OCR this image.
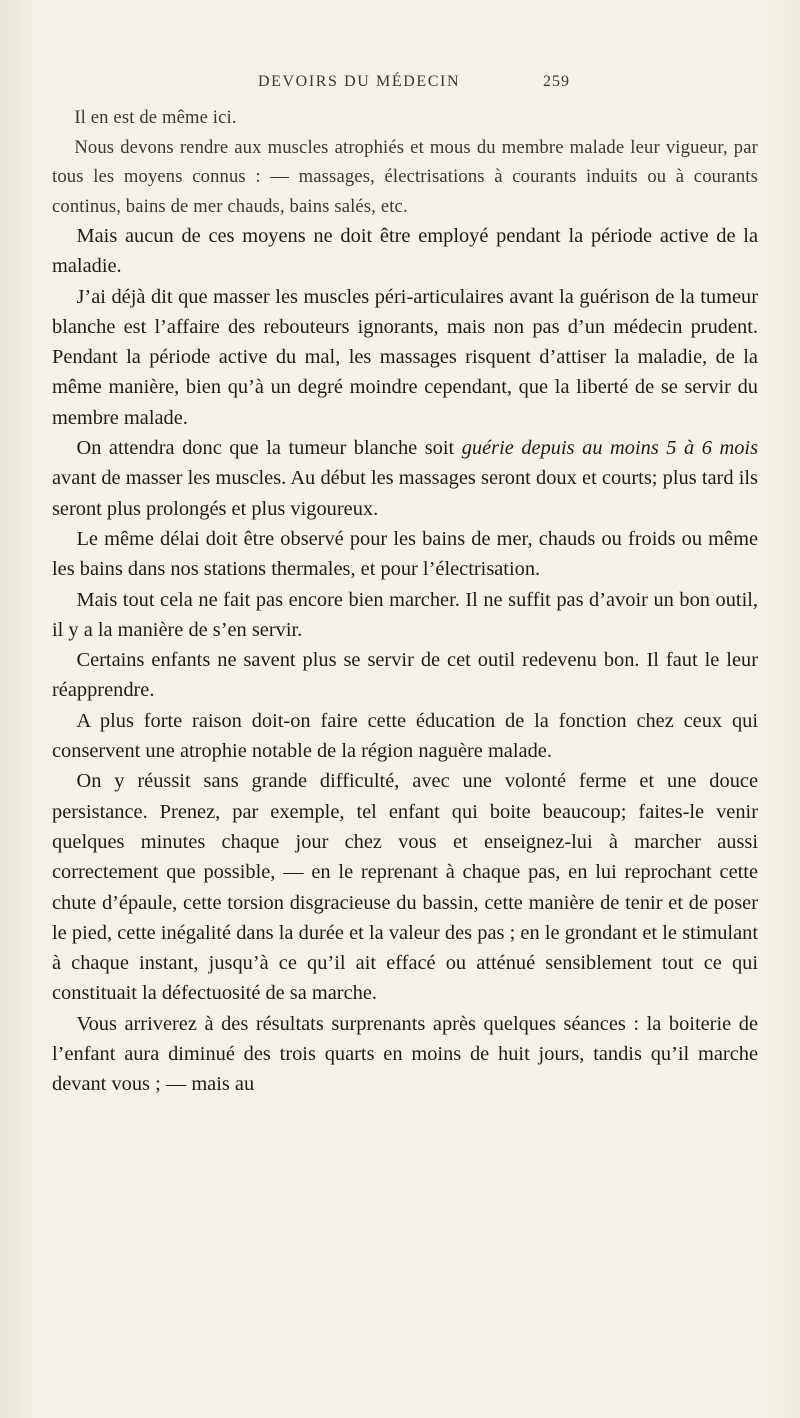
DEVOIRS DU MÉDECIN	259

Il en est de même ici.

Nous devons rendre aux muscles atrophiés et mous du membre malade leur vigueur, par tous les moyens connus : — massages, électrisations à courants induits ou à courants continus, bains de mer chauds, bains salés, etc.

Mais aucun de ces moyens ne doit être employé pendant la période active de la maladie.

J’ai déjà dit que masser les muscles péri-articulaires avant la guérison de la tumeur blanche est l’affaire des rebouteurs ignorants, mais non pas d’un médecin prudent. Pendant la période active du mal, les massages risquent d’attiser la maladie, de la même manière, bien qu’à un degré moindre cependant, que la liberté de se servir du membre malade.

On attendra donc que la tumeur blanche soit guérie depuis au moins 5 à 6 mois avant de masser les muscles. Au début les massages seront doux et courts; plus tard ils seront plus prolongés et plus vigoureux.

Le même délai doit être observé pour les bains de mer, chauds ou froids ou même les bains dans nos stations thermales, et pour l’électrisation.

Mais tout cela ne fait pas encore bien marcher. Il ne suffit pas d’avoir un bon outil, il y a la manière de s’en servir.

Certains enfants ne savent plus se servir de cet outil redevenu bon. Il faut le leur réapprendre.

A plus forte raison doit-on faire cette éducation de la fonction chez ceux qui conservent une atrophie notable de la région naguère malade.

On y réussit sans grande difficulté, avec une volonté ferme et une douce persistance. Prenez, par exemple, tel enfant qui boite beaucoup; faites-le venir quelques minutes chaque jour chez vous et enseignez-lui à marcher aussi correctement que possible, — en le reprenant à chaque pas, en lui reprochant cette chute d’épaule, cette torsion disgracieuse du bassin, cette manière de tenir et de poser le pied, cette inégalité dans la durée et la valeur des pas ; en le grondant et le stimulant à chaque instant, jusqu’à ce qu’il ait effacé ou atténué sensiblement tout ce qui constituait la défectuosité de sa marche.

Vous arriverez à des résultats surprenants après quelques séances : la boiterie de l’enfant aura diminué des trois quarts en moins de huit jours, tandis qu’il marche devant vous ; — mais au
